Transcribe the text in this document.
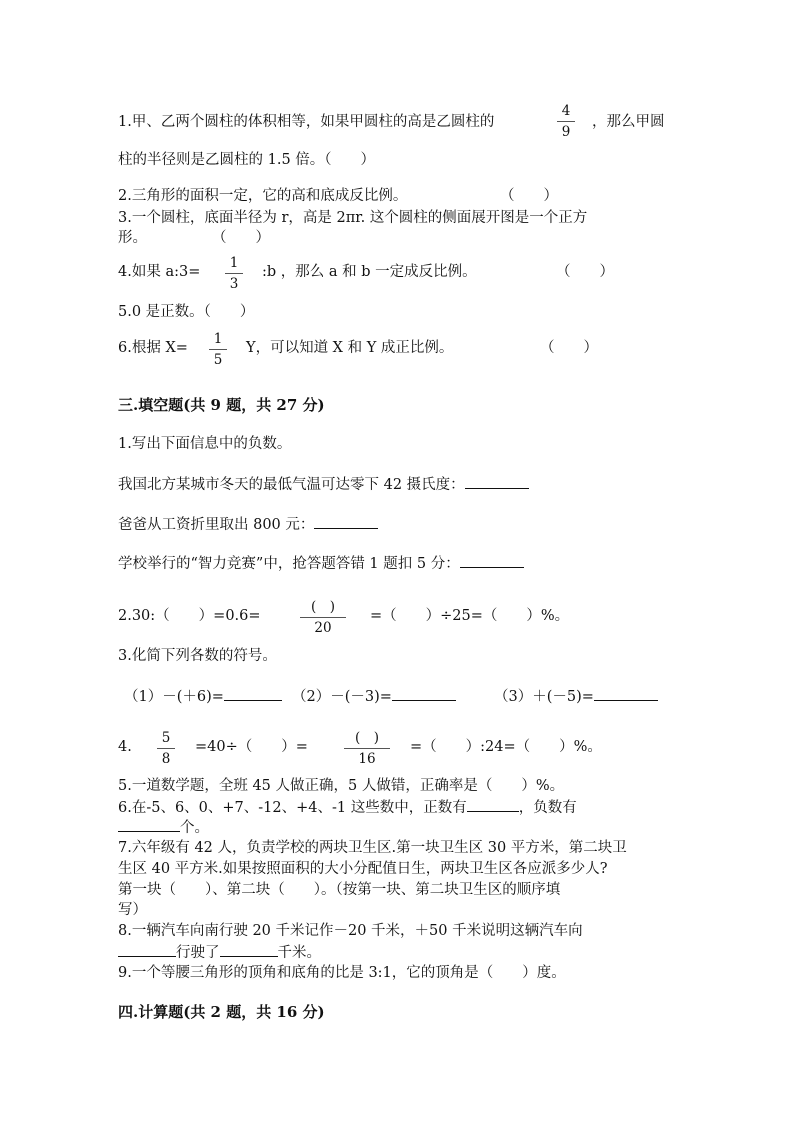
1.甲、乙两个圆柱的体积相等，如果甲圆柱的高是乙圆柱的
4
9
，那么甲圆
柱的半径则是乙圆柱的 1.5 倍。（　　）
2.三角形的面积一定，它的高和底成反比例。	（　　）
3.一个圆柱，底面半径为 r，高是 2πr. 这个圆柱的侧面展开图是一个正方
形。	（　　）
4.如果 a:3=
1
3
:b ，那么 a 和 b 一定成反比例。	（　　）
5.0 是正数。（　　）
6.根据 X=
1
5
Y，可以知道 X 和 Y 成正比例。	（　　）
三.填空题(共 9 题，共 27 分)
1.写出下面信息中的负数。
我国北方某城市冬天的最低气温可达零下 42 摄氏度：
爸爸从工资折里取出 800 元：
学校举行的“智力竞赛”中，抢答题答错 1 题扣 5 分：
2.30:（　　）=0.6=
(　)
20
=（　　）÷25=（　　）%。
3.化简下列各数的符号。
（1）－(＋6)=	（2）－(－3)=	（3）＋(－5)=
4.
5
8
=40÷（　　）=
(　)
16
=（　　）:24=（　　）%。
5.一道数学题，全班 45 人做正确，5 人做错，正确率是（　　）%。
6.在-5、6、0、+7、-12、+4、-1 这些数中，正数有	，负数有
个。
7.六年级有 42 人，负责学校的两块卫生区.第一块卫生区 30 平方米，第二块卫
生区 40 平方米.如果按照面积的大小分配值日生，两块卫生区各应派多少人?
第一块（　　）、第二块（　　）。（按第一块、第二块卫生区的顺序填
写）
8.一辆汽车向南行驶 20 千米记作－20 千米，＋50 千米说明这辆汽车向
行驶了	千米。
9.一个等腰三角形的顶角和底角的比是 3:1，它的顶角是（　　）度。
四.计算题(共 2 题，共 16 分)
